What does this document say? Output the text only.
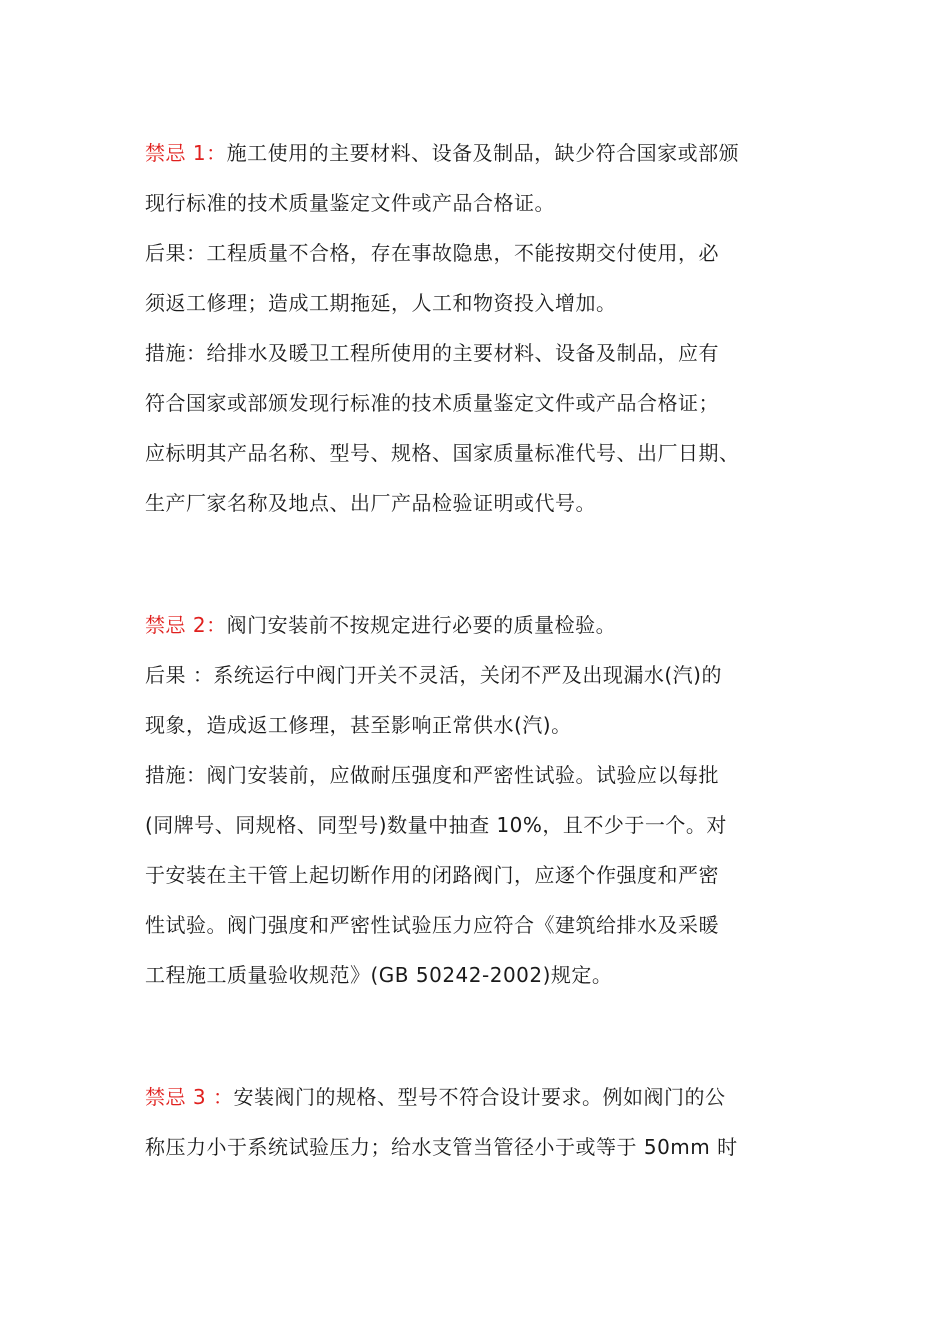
禁忌 1：施工使用的主要材料、设备及制品，缺少符合国家或部颁
现行标准的技术质量鉴定文件或产品合格证。
后果：工程质量不合格，存在事故隐患，不能按期交付使用，必
须返工修理；造成工期拖延，人工和物资投入增加。
措施：给排水及暖卫工程所使用的主要材料、设备及制品，应有
符合国家或部颁发现行标准的技术质量鉴定文件或产品合格证；
应标明其产品名称、型号、规格、国家质量标准代号、出厂日期、
生产厂家名称及地点、出厂产品检验证明或代号。
禁忌 2：阀门安装前不按规定进行必要的质量检验。
后果 ：系统运行中阀门开关不灵活，关闭不严及出现漏水(汽)的
现象，造成返工修理，甚至影响正常供水(汽)。
措施：阀门安装前，应做耐压强度和严密性试验。试验应以每批
(同牌号、同规格、同型号)数量中抽查 10%，且不少于一个。对
于安装在主干管上起切断作用的闭路阀门，应逐个作强度和严密
性试验。阀门强度和严密性试验压力应符合《建筑给排水及采暖
工程施工质量验收规范》(GB 50242-2002)规定。
禁忌 3 ：安装阀门的规格、型号不符合设计要求。例如阀门的公
称压力小于系统试验压力；给水支管当管径小于或等于 50mm 时
